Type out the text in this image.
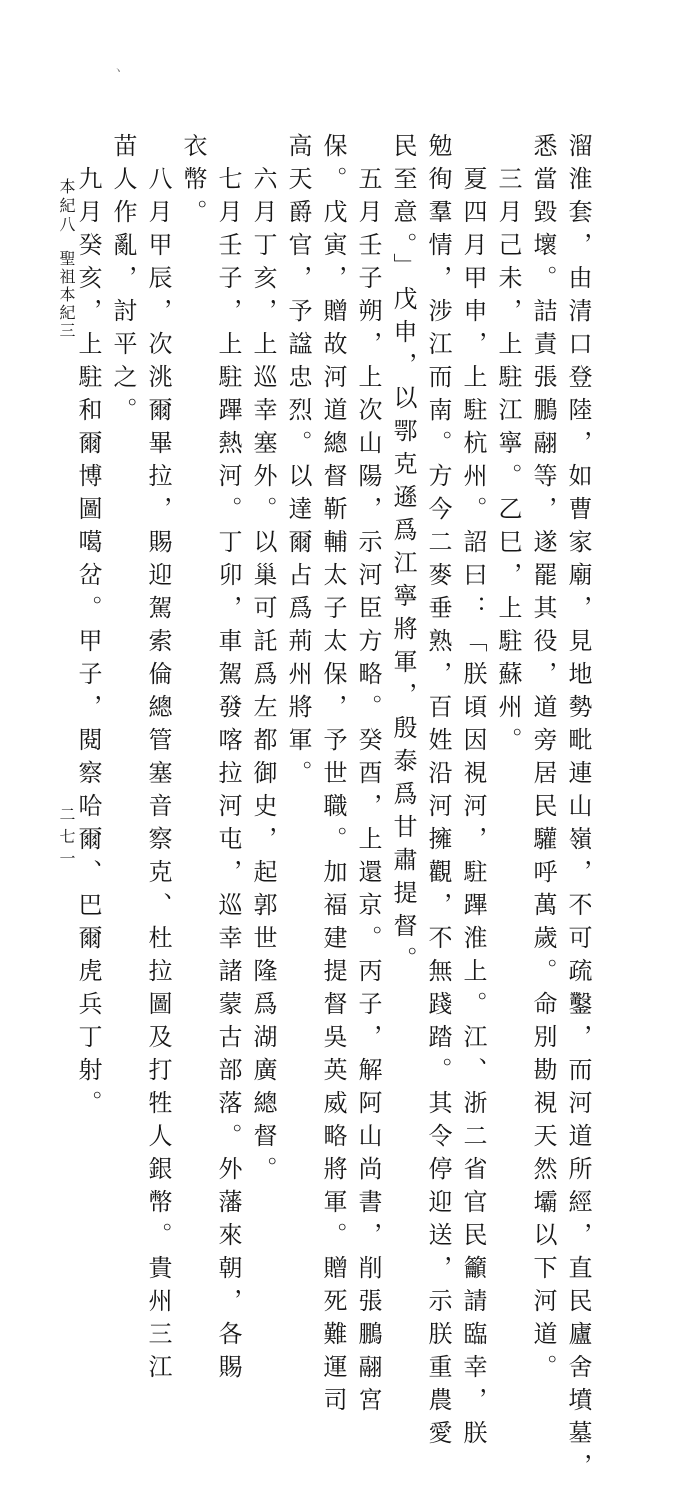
ヽ
溜淮套，由清口登陸，如曹家廟，見地勢毗連山嶺，不可疏鑿，而河道所經，直民廬舍墳墓，
悉當毀壞。詰責張鵬翮等，遂罷其役，道旁居民驩呼萬歲。命別勘視天然壩以下河道。
三月己未，上駐江寧。乙巳，上駐蘇州。
夏四月甲申，上駐杭州。詔曰：「朕頃因視河，駐蹕淮上。江、浙二省官民籲請臨幸，朕
勉徇羣情，涉江而南。方今二麥垂熟，百姓沿河擁觀，不無踐踏。其令停迎送，示朕重農愛
民至意。」戊申，以鄂克遜爲江寧將軍，殷泰爲甘肅提督。
五月壬子朔，上次山陽，示河臣方略。癸酉，上還京。丙子，解阿山尚書，削張鵬翮宮
保。戊寅，贈故河道總督靳輔太子太保，予世職。加福建提督吳英威略將軍。贈死難運司
高天爵官，予諡忠烈。以達爾占爲荊州將軍。
六月丁亥，上巡幸塞外。以巢可託爲左都御史，起郭世隆爲湖廣總督。
七月壬子，上駐蹕熱河。丁卯，車駕發喀拉河屯，巡幸諸蒙古部落。外藩來朝，各賜
衣幣。
八月甲辰，次洮爾畢拉，賜迎駕索倫總管塞音察克、杜拉圖及打牲人銀幣。貴州三江
苗人作亂，討平之。
九月癸亥，上駐和爾博圖噶岔。甲子，閱察哈爾、巴爾虎兵丁射。
本紀八
聖祖本紀三
二七一
